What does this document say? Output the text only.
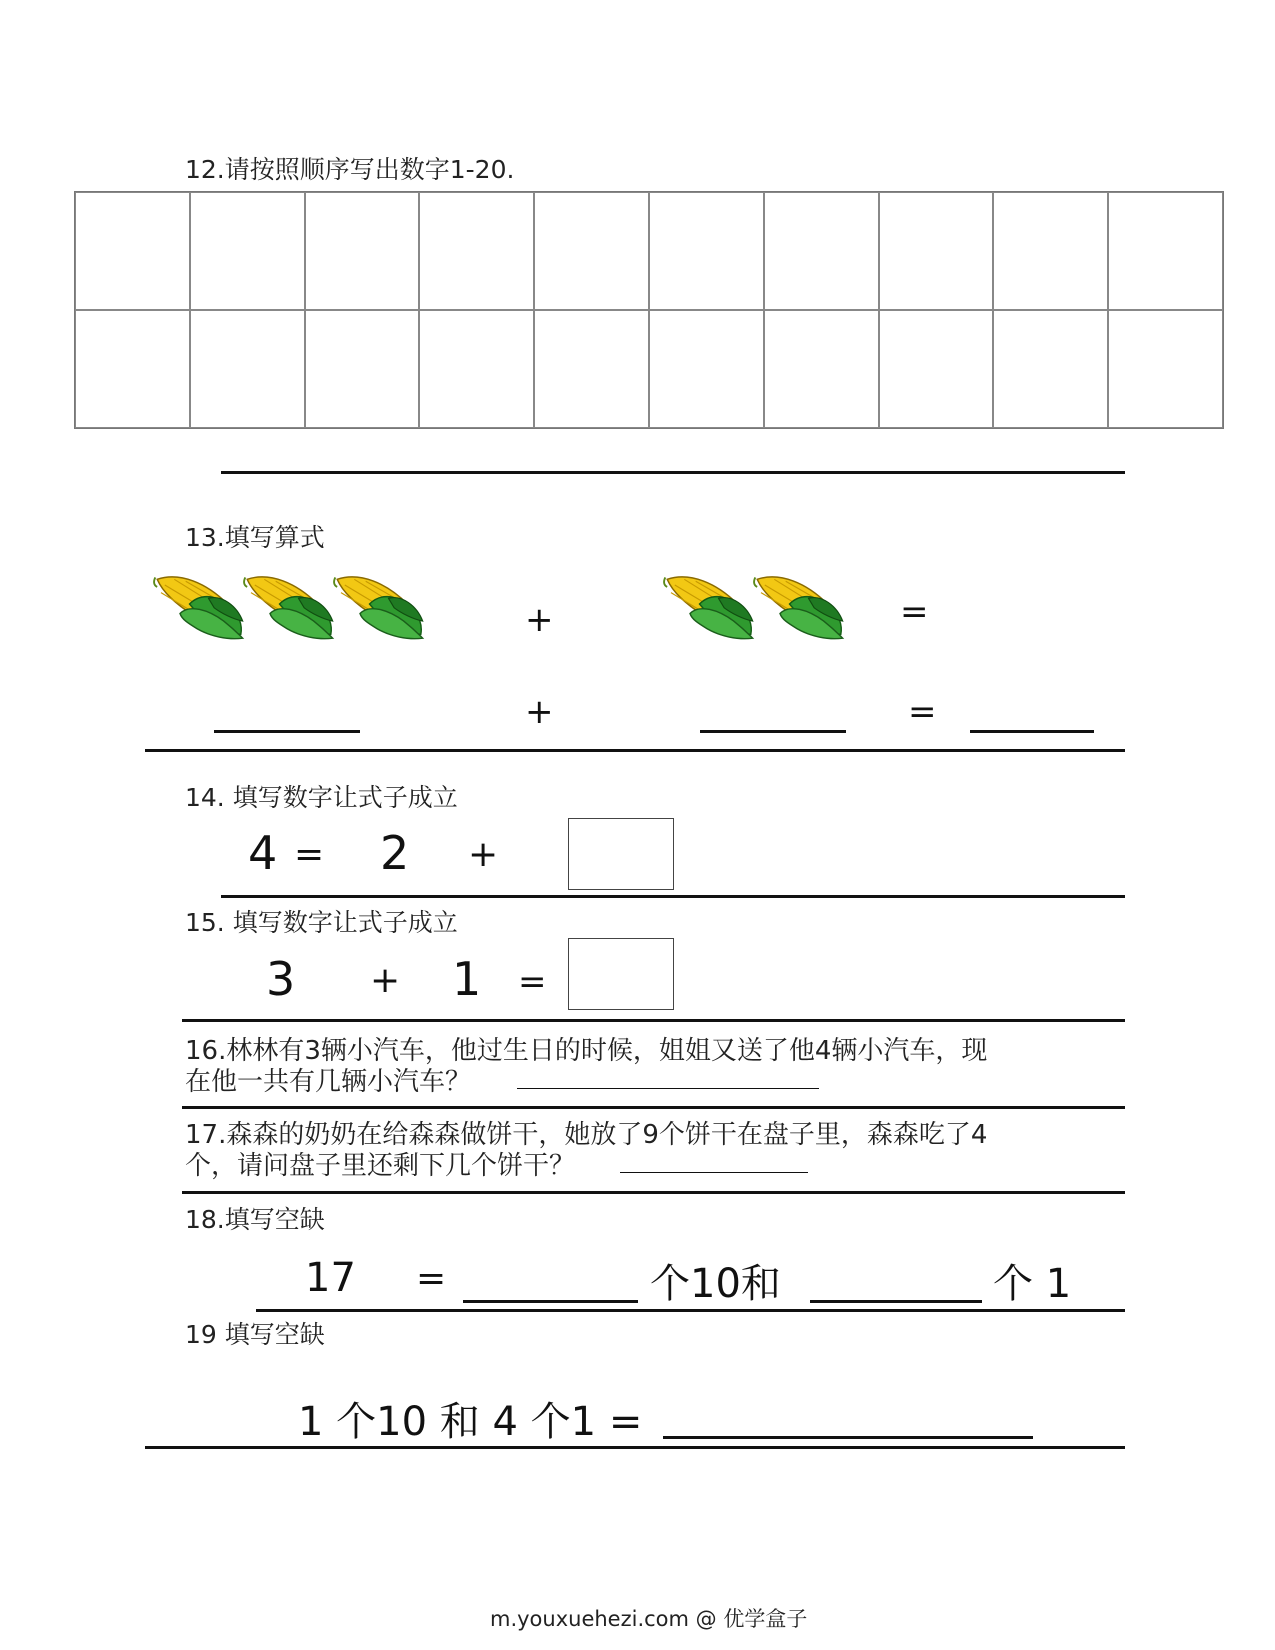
12.请按照顺序写出数字1-20.
13.填写算式
+	=
+	=
14. 填写数字让式子成立
4 = 2 +
15. 填写数字让式子成立
3 + 1 =
16.林林有3辆小汽车，他过生日的时候，姐姐又送了他4辆小汽车，现
在他一共有几辆小汽车？
17.森森的奶奶在给森森做饼干，她放了9个饼干在盘子里，森森吃了4
个，请问盘子里还剩下几个饼干？
18.填写空缺
17 =	个10和	个 1
19 填写空缺
1 个10 和 4 个1 =
m.youxuehezi.com @ 优学盒子
